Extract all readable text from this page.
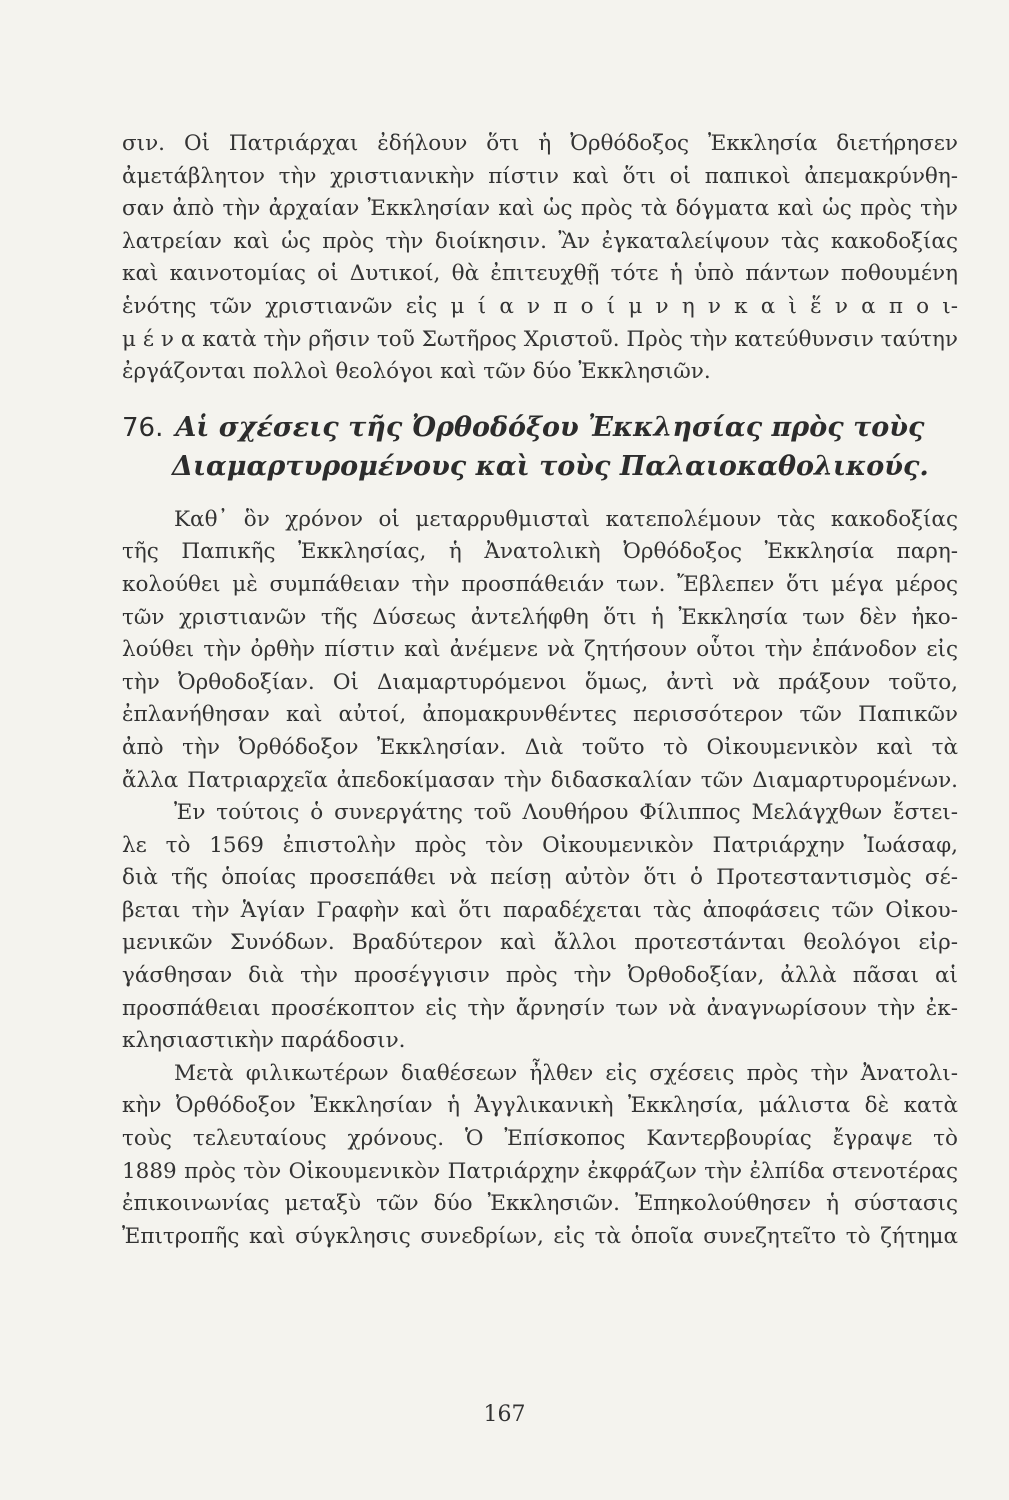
σιν. Οἱ Πατριάρχαι ἐδήλουν ὅτι ἡ Ὀρθόδοξος Ἐκκλησία διετήρησεν
ἀμετάβλητον τὴν χριστιανικὴν πίστιν καὶ ὅτι οἱ παπικοὶ ἀπεμακρύνθη-
σαν ἀπὸ τὴν ἀρχαίαν Ἐκκλησίαν καὶ ὡς πρὸς τὰ δόγματα καὶ ὡς πρὸς τὴν
λατρείαν καὶ ὡς πρὸς τὴν διοίκησιν. Ἂν ἐγκαταλείψουν τὰς κακοδοξίας
καὶ καινοτομίας οἱ Δυτικοί, θὰ ἐπιτευχθῇ τότε ἡ ὑπὸ πάντων ποθουμένη
ἑνότης τῶν χριστιανῶν εἰς μ ί α ν π ο ί μ ν η ν κ α ὶ ἕ ν α π ο ι-
μ έ ν α κατὰ τὴν ρῆσιν τοῦ Σωτῆρος Χριστοῦ. Πρὸς τὴν κατεύθυνσιν ταύτην
ἐργάζονται πολλοὶ θεολόγοι καὶ τῶν δύο Ἐκκλησιῶν.
76. Αἱ σχέσεις τῆς Ὀρθοδόξου Ἐκκλησίας πρὸς τοὺς
Διαμαρτυρομένους καὶ τοὺς Παλαιοκαθολικούς.
Καθ᾽ ὃν χρόνον οἱ μεταρρυθμισταὶ κατεπολέμουν τὰς κακοδοξίας
τῆς Παπικῆς Ἐκκλησίας, ἡ Ἀνατολικὴ Ὀρθόδοξος Ἐκκλησία παρη-
κολούθει μὲ συμπάθειαν τὴν προσπάθειάν των. Ἔβλεπεν ὅτι μέγα μέρος
τῶν χριστιανῶν τῆς Δύσεως ἀντελήφθη ὅτι ἡ Ἐκκλησία των δὲν ἠκο-
λούθει τὴν ὀρθὴν πίστιν καὶ ἀνέμενε νὰ ζητήσουν οὗτοι τὴν ἐπάνοδον εἰς
τὴν Ὀρθοδοξίαν. Οἱ Διαμαρτυρόμενοι ὅμως, ἀντὶ νὰ πράξουν τοῦτο,
ἐπλανήθησαν καὶ αὐτοί, ἀπομακρυνθέντες περισσότερον τῶν Παπικῶν
ἀπὸ τὴν Ὀρθόδοξον Ἐκκλησίαν. Διὰ τοῦτο τὸ Οἰκουμενικὸν καὶ τὰ
ἄλλα Πατριαρχεῖα ἀπεδοκίμασαν τὴν διδασκαλίαν τῶν Διαμαρτυρομένων.
Ἐν τούτοις ὁ συνεργάτης τοῦ Λουθήρου Φίλιππος Μελάγχθων ἔστει-
λε τὸ 1569 ἐπιστολὴν πρὸς τὸν Οἰκουμενικὸν Πατριάρχην Ἰωάσαφ,
διὰ τῆς ὁποίας προσεπάθει νὰ πείσῃ αὐτὸν ὅτι ὁ Προτεσταντισμὸς σέ-
βεται τὴν Ἁγίαν Γραφὴν καὶ ὅτι παραδέχεται τὰς ἀποφάσεις τῶν Οἰκου-
μενικῶν Συνόδων. Βραδύτερον καὶ ἄλλοι προτεστάνται θεολόγοι εἰρ-
γάσθησαν διὰ τὴν προσέγγισιν πρὸς τὴν Ὀρθοδοξίαν, ἀλλὰ πᾶσαι αἱ
προσπάθειαι προσέκοπτον εἰς τὴν ἄρνησίν των νὰ ἀναγνωρίσουν τὴν ἐκ-
κλησιαστικὴν παράδοσιν.
Μετὰ φιλικωτέρων διαθέσεων ἦλθεν εἰς σχέσεις πρὸς τὴν Ἀνατολι-
κὴν Ὀρθόδοξον Ἐκκλησίαν ἡ Ἀγγλικανικὴ Ἐκκλησία, μάλιστα δὲ κατὰ
τοὺς τελευταίους χρόνους. Ὁ Ἐπίσκοπος Καντερβουρίας ἔγραψε τὸ
1889 πρὸς τὸν Οἰκουμενικὸν Πατριάρχην ἐκφράζων τὴν ἐλπίδα στενοτέρας
ἐπικοινωνίας μεταξὺ τῶν δύο Ἐκκλησιῶν. Ἐπηκολούθησεν ἡ σύστασις
Ἐπιτροπῆς καὶ σύγκλησις συνεδρίων, εἰς τὰ ὁποῖα συνεζητεῖτο τὸ ζήτημα
167
